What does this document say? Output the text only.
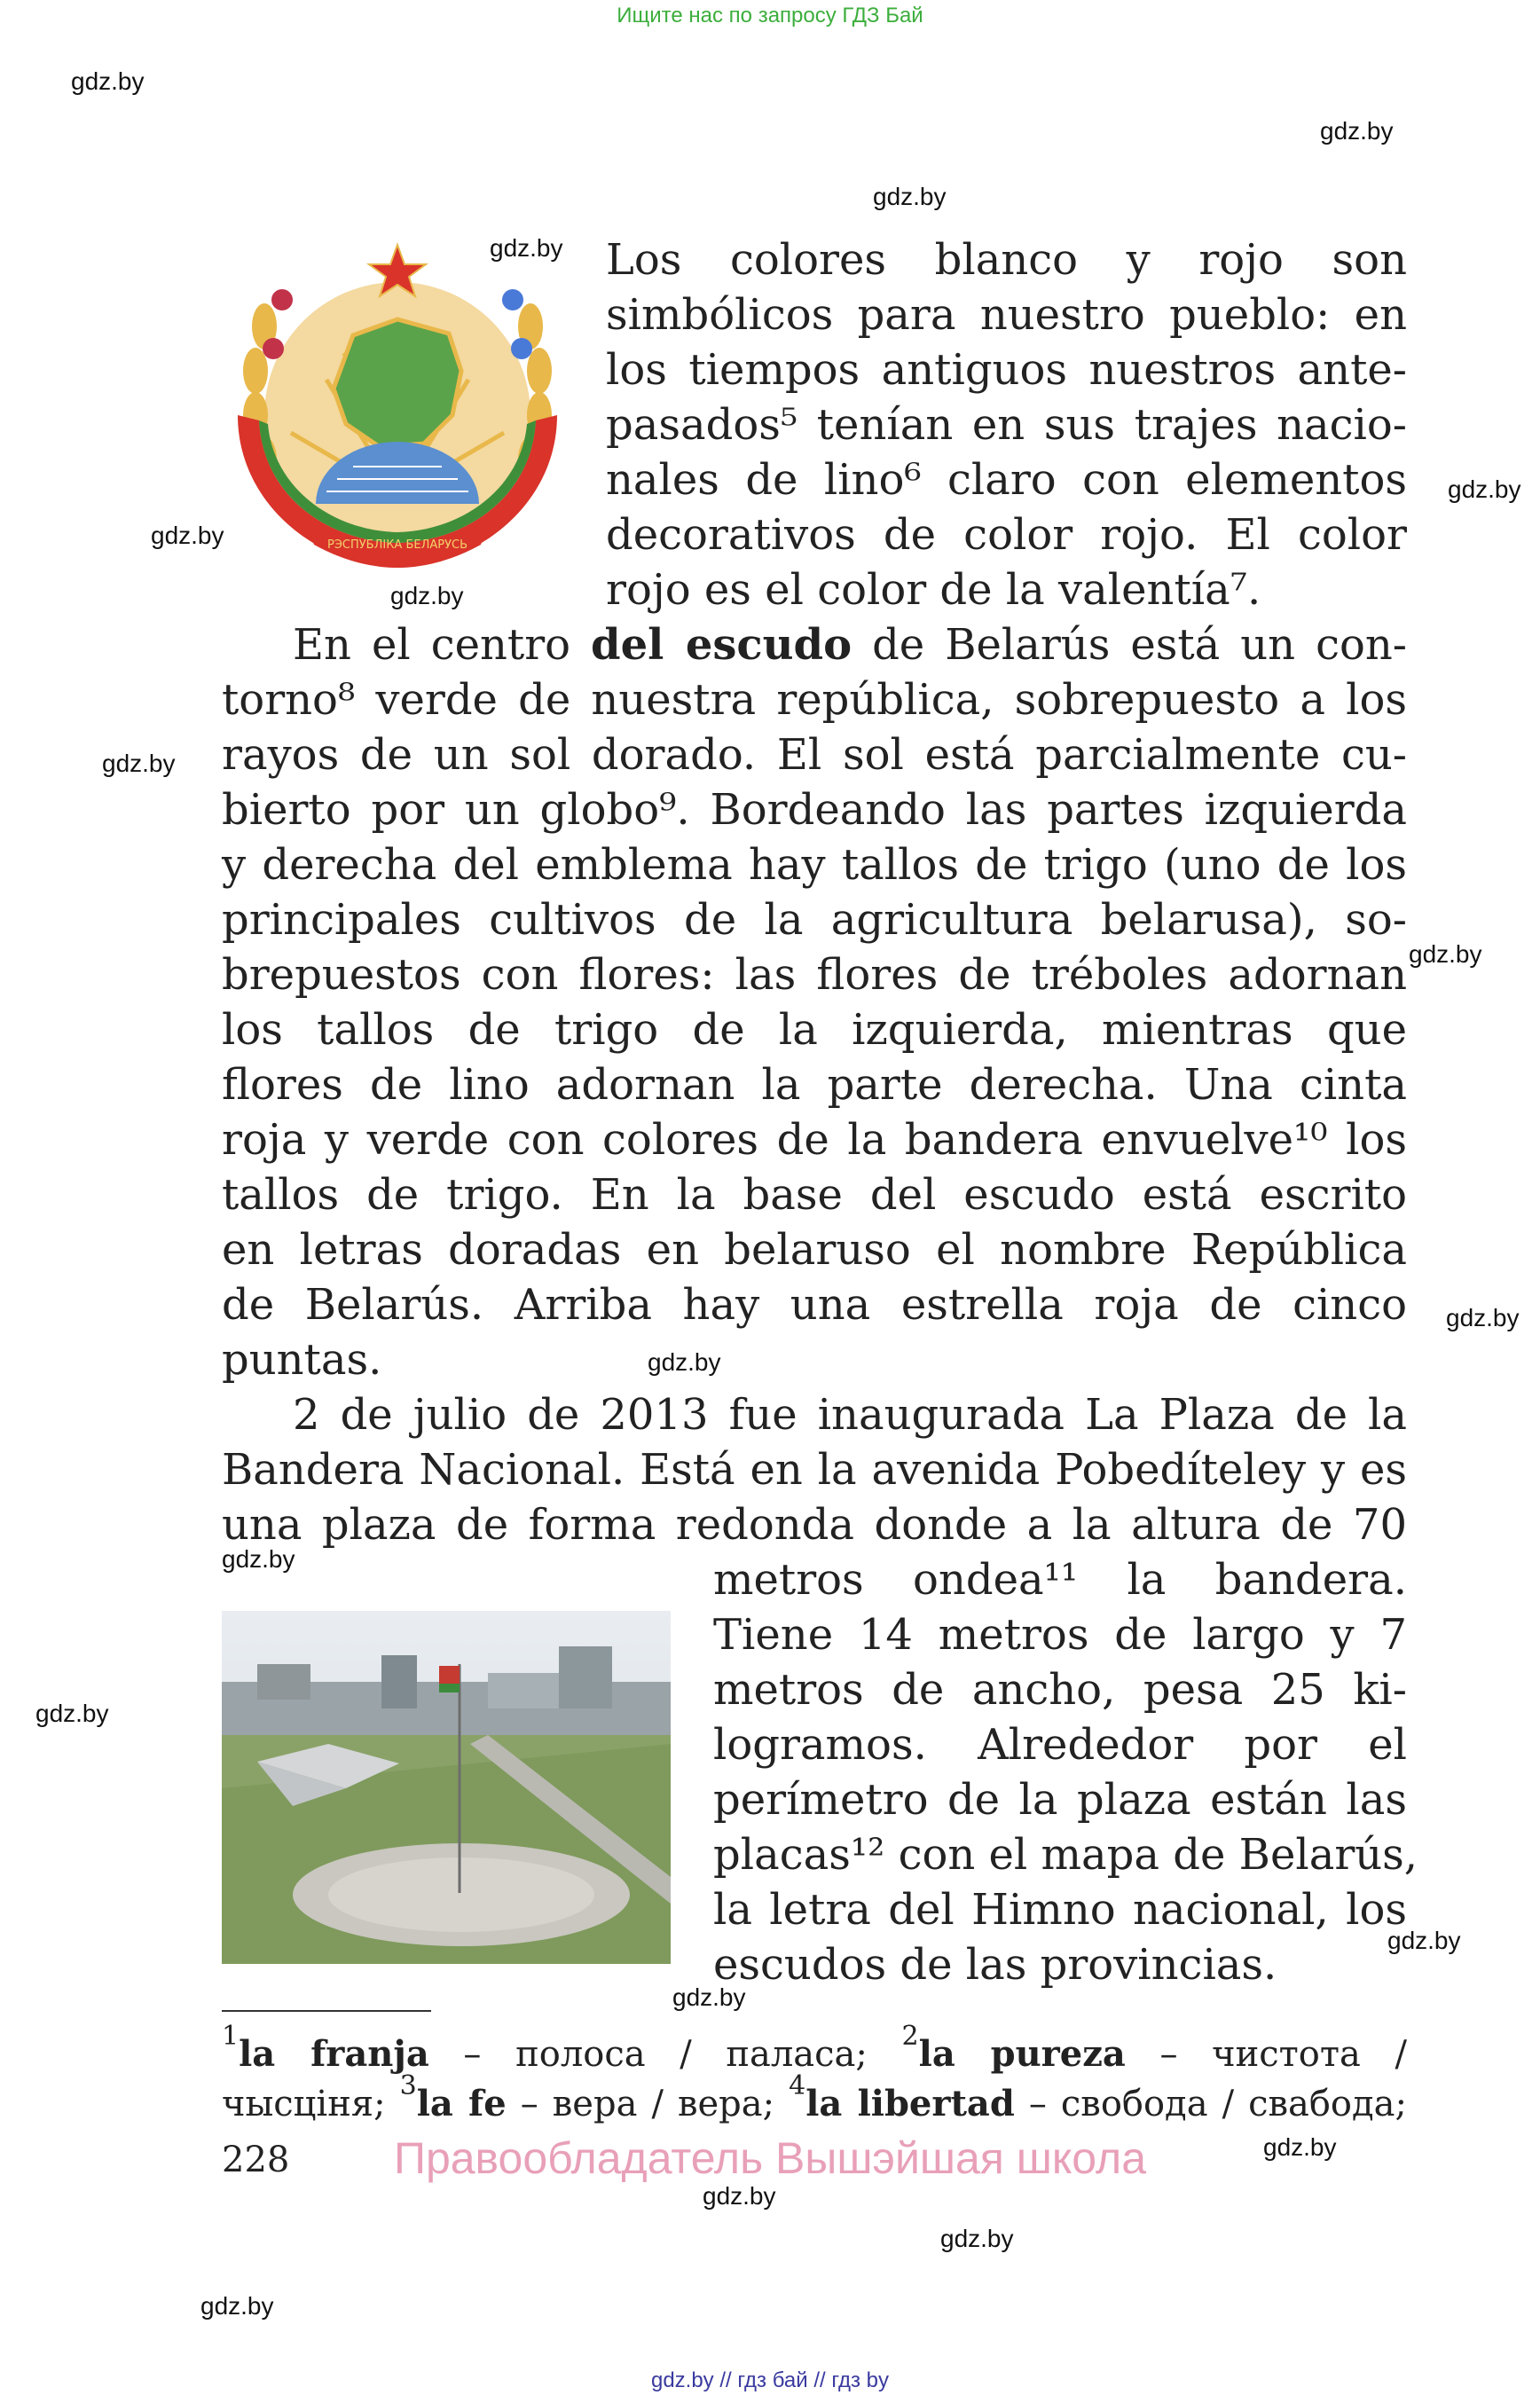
Ищите нас по запросу ГДЗ Бай
gdz.by
gdz.by
gdz.by
gdz.by
gdz.by
gdz.by
gdz.by
gdz.by
gdz.by
gdz.by
gdz.by
gdz.by
gdz.by
gdz.by
gdz.by
gdz.by
gdz.by
gdz.by
gdz.by
РЭСПУБЛІКА БЕЛАРУСЬ
Los colores blanco y rojo son
simbólicos para nuestro pueblo: en
los tiempos antiguos nuestros ante-
pasados⁵ tenían en sus trajes nacio-
nales de lino⁶ claro con elementos
decorativos de color rojo. El color
rojo es el color de la valentía⁷.
En el centro del escudo de Belarús está un con-
torno⁸ verde de nuestra república, sobrepuesto a los
rayos de un sol dorado. El sol está parcialmente cu-
bierto por un globo⁹. Bordeando las partes izquierda
y derecha del emblema hay tallos de trigo (uno de los
principales cultivos de la agricultura belarusa), so-
brepuestos con flores: las flores de tréboles adornan
los tallos de trigo de la izquierda, mientras que
flores de lino adornan la parte derecha. Una cinta
roja y verde con colores de la bandera envuelve¹⁰ los
tallos de trigo. En la base del escudo está escrito
en letras doradas en belaruso el nombre República
de Belarús. Arriba hay una estrella roja de cinco
puntas.
2 de julio de 2013 fue inaugurada La Plaza de la
Bandera Nacional. Está en la avenida Pobedíteley y es
una plaza de forma redonda donde a la altura de 70
metros ondea¹¹ la bandera.
Tiene 14 metros de largo y 7
metros de ancho, pesa 25 ki-
logramos. Alrededor por el
perímetro de la plaza están las
placas¹² con el mapa de Belarús,
la letra del Himno nacional, los
escudos de las provincias.
$^1$la franja – полоса / паласа; $^2$la pureza – чистота /
чысціня; $^3$la fe – вера / вера; $^4$la libertad – свобода / свабода;
228	Правообладатель Вышэйшая школа
gdz.by // гдз бай // гдз by
